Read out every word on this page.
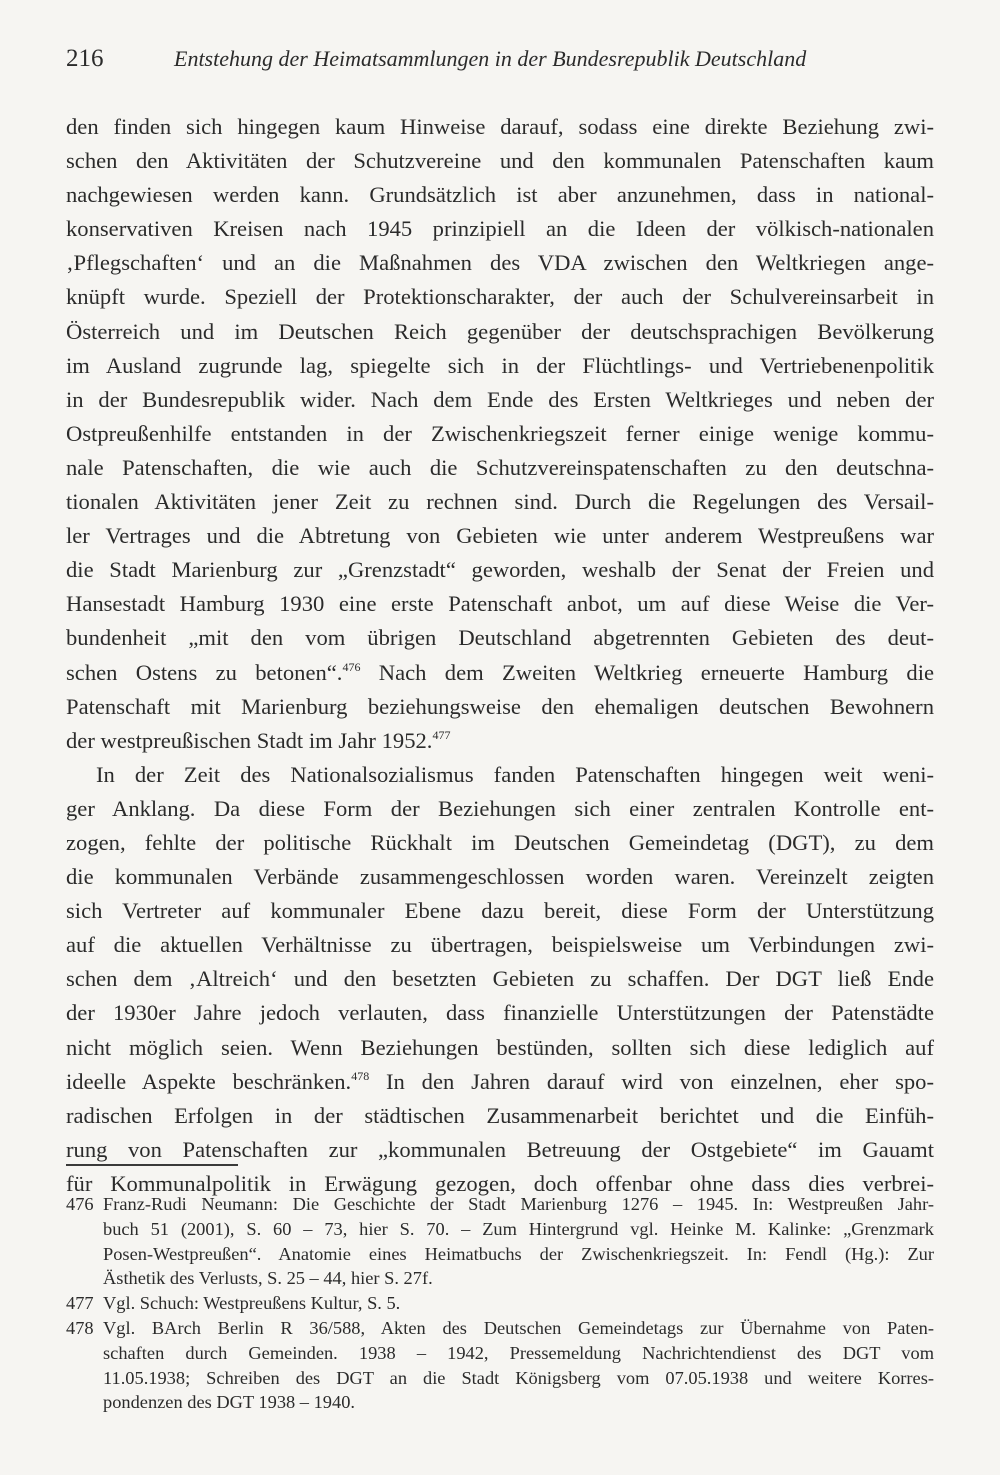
216	Entstehung der Heimatsammlungen in der Bundesrepublik Deutschland
den finden sich hingegen kaum Hinweise darauf, sodass eine direkte Beziehung zwi-
schen den Aktivitäten der Schutzvereine und den kommunalen Patenschaften kaum
nachgewiesen werden kann. Grundsätzlich ist aber anzunehmen, dass in national-
konservativen Kreisen nach 1945 prinzipiell an die Ideen der völkisch-nationalen
‚Pflegschaften‘ und an die Maßnahmen des VDA zwischen den Weltkriegen ange-
knüpft wurde. Speziell der Protektionscharakter, der auch der Schulvereinsarbeit in
Österreich und im Deutschen Reich gegenüber der deutschsprachigen Bevölkerung
im Ausland zugrunde lag, spiegelte sich in der Flüchtlings- und Vertriebenenpolitik
in der Bundesrepublik wider. Nach dem Ende des Ersten Weltkrieges und neben der
Ostpreußenhilfe entstanden in der Zwischenkriegszeit ferner einige wenige kommu-
nale Patenschaften, die wie auch die Schutzvereinspatenschaften zu den deutschna-
tionalen Aktivitäten jener Zeit zu rechnen sind. Durch die Regelungen des Versail-
ler Vertrages und die Abtretung von Gebieten wie unter anderem Westpreußens war
die Stadt Marienburg zur „Grenzstadt“ geworden, weshalb der Senat der Freien und
Hansestadt Hamburg 1930 eine erste Patenschaft anbot, um auf diese Weise die Ver-
bundenheit „mit den vom übrigen Deutschland abgetrennten Gebieten des deut-
schen Ostens zu betonen“.$^{476}$ Nach dem Zweiten Weltkrieg erneuerte Hamburg die
Patenschaft mit Marienburg beziehungsweise den ehemaligen deutschen Bewohnern
der westpreußischen Stadt im Jahr 1952.$^{477}$
In der Zeit des Nationalsozialismus fanden Patenschaften hingegen weit weni-
ger Anklang. Da diese Form der Beziehungen sich einer zentralen Kontrolle ent-
zogen, fehlte der politische Rückhalt im Deutschen Gemeindetag (DGT), zu dem
die kommunalen Verbände zusammengeschlossen worden waren. Vereinzelt zeigten
sich Vertreter auf kommunaler Ebene dazu bereit, diese Form der Unterstützung
auf die aktuellen Verhältnisse zu übertragen, beispielsweise um Verbindungen zwi-
schen dem ‚Altreich‘ und den besetzten Gebieten zu schaffen. Der DGT ließ Ende
der 1930er Jahre jedoch verlauten, dass finanzielle Unterstützungen der Patenstädte
nicht möglich seien. Wenn Beziehungen bestünden, sollten sich diese lediglich auf
ideelle Aspekte beschränken.$^{478}$ In den Jahren darauf wird von einzelnen, eher spo-
radischen Erfolgen in der städtischen Zusammenarbeit berichtet und die Einfüh-
rung von Patenschaften zur „kommunalen Betreuung der Ostgebiete“ im Gauamt
für Kommunalpolitik in Erwägung gezogen, doch offenbar ohne dass dies verbrei-
476 Franz-Rudi Neumann: Die Geschichte der Stadt Marienburg 1276 – 1945. In: Westpreußen Jahr-
buch 51 (2001), S. 60 – 73, hier S. 70. – Zum Hintergrund vgl. Heinke M. Kalinke: „Grenzmark
Posen-Westpreußen“. Anatomie eines Heimatbuchs der Zwischenkriegszeit. In: Fendl (Hg.): Zur
Ästhetik des Verlusts, S. 25 – 44, hier S. 27f.
477 Vgl. Schuch: Westpreußens Kultur, S. 5.
478 Vgl. BArch Berlin R 36/588, Akten des Deutschen Gemeindetags zur Übernahme von Paten-
schaften durch Gemeinden. 1938 – 1942, Pressemeldung Nachrichtendienst des DGT vom
11.05.1938; Schreiben des DGT an die Stadt Königsberg vom 07.05.1938 und weitere Korres-
pondenzen des DGT 1938 – 1940.
